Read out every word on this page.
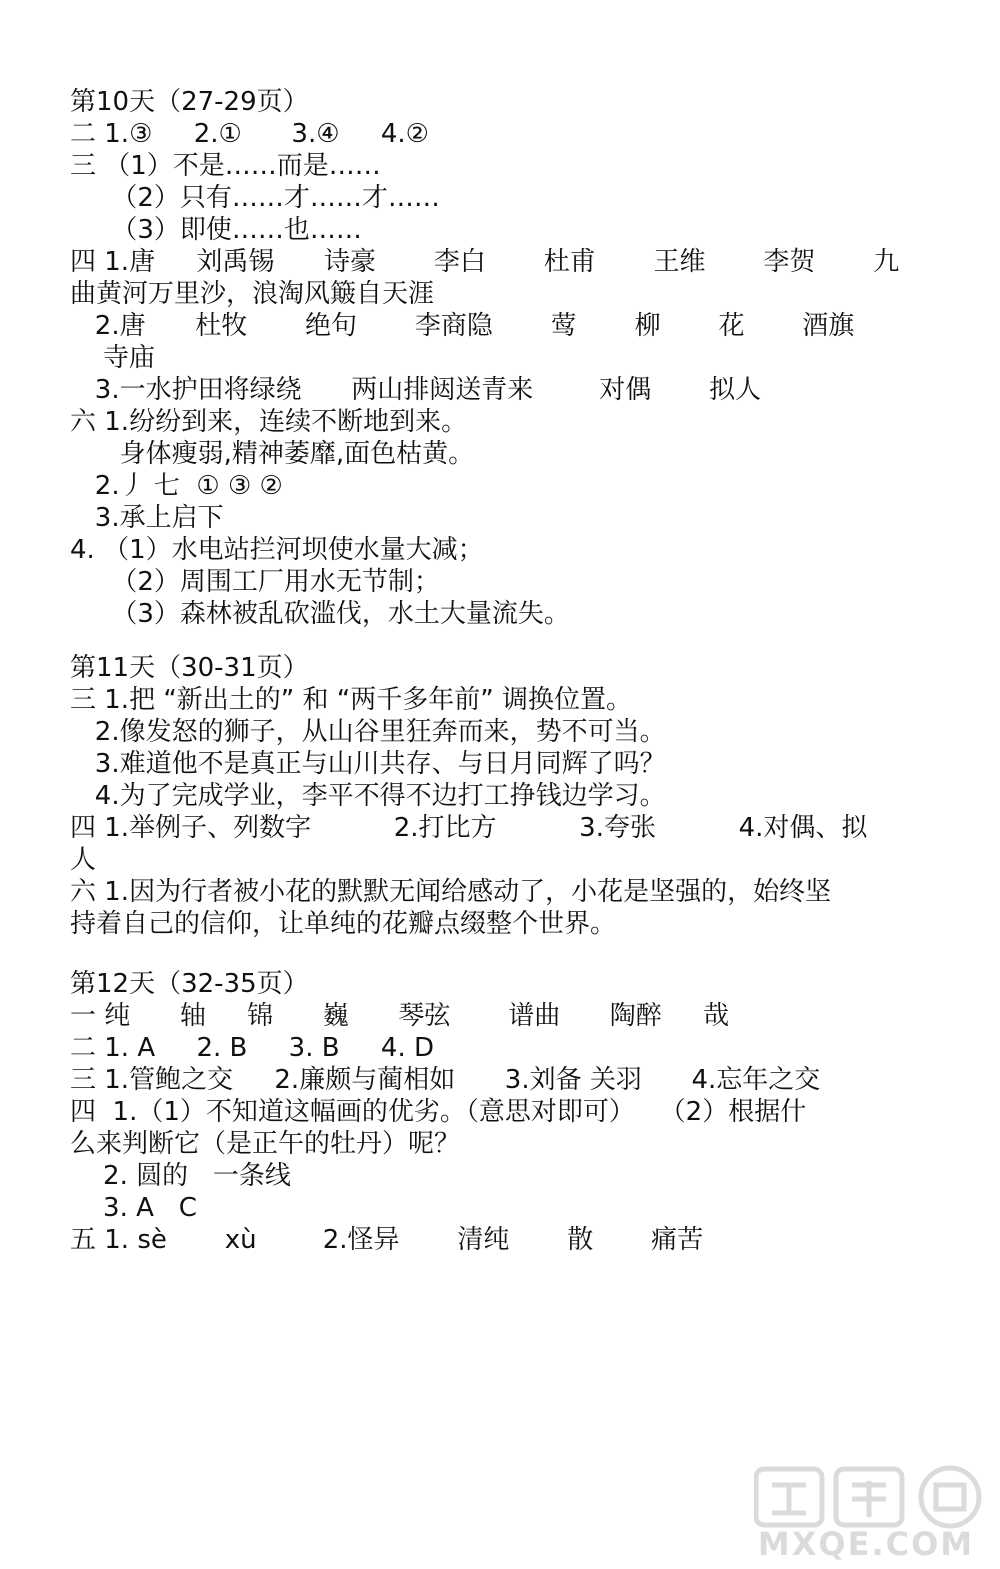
第10天（27-29页）
二 1.③     2.①      3.④     4.②
三 （1）不是……而是……
（2）只有……才……才……
（3）即使……也……
四 1.唐     刘禹锡      诗豪       李白       杜甫       王维       李贺       九
曲黄河万里沙，浪淘风簸自天涯
2.唐      杜牧       绝句       李商隐       莺       柳       花       酒旗
寺庙
3.一水护田将绿绕      两山排闼送青来        对偶       拟人
六 1.纷纷到来，连续不断地到来。
身体瘦弱,精神萎靡,面色枯黄。
2.丿 七  ① ③ ②
3.承上启下
4. （1）水电站拦河坝使水量大减；
（2）周围工厂用水无节制；
（3）森林被乱砍滥伐，水土大量流失。
第11天（30-31页）
三 1.把 “新出土的” 和 “两千多年前” 调换位置。
2.像发怒的狮子，从山谷里狂奔而来，势不可当。
3.难道他不是真正与山川共存、与日月同辉了吗？
4.为了完成学业，李平不得不边打工挣钱边学习。
四 1.举例子、列数字          2.打比方          3.夸张          4.对偶、拟
人
六 1.因为行者被小花的默默无闻给感动了，小花是坚强的，始终坚
持着自己的信仰，让单纯的花瓣点缀整个世界。
第12天（32-35页）
一 纯      轴     锦      巍      琴弦       谱曲      陶醉     哉
二 1. A     2. B     3. B     4. D
三 1.管鲍之交     2.廉颇与蔺相如      3.刘备 关羽      4.忘年之交
四  1.（1）不知道这幅画的优劣。（意思对即可）   （2）根据什
么来判断它（是正午的牡丹）呢？
2. 圆的   一条线
3. A   C
五 1. sè       xù        2.怪异       清纯       散       痛苦
MXQE.COM
